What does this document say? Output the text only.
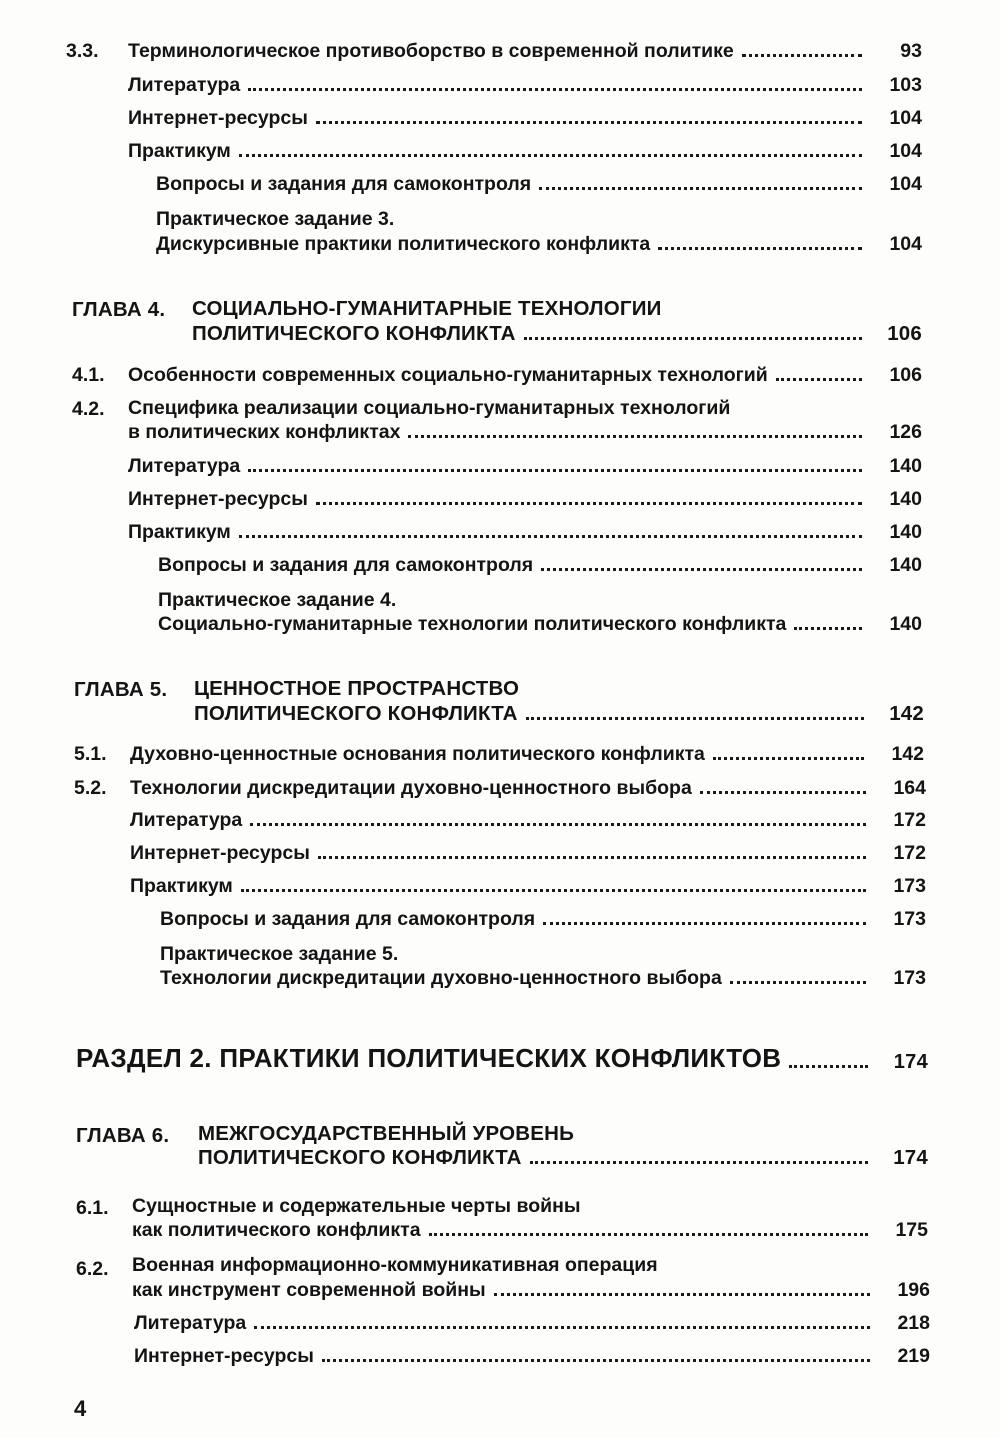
3.3. Терминологическое противоборство в современной политике	93
Литература	103
Интернет-ресурсы	104
Практикум	104
Вопросы и задания для самоконтроля	104
Практическое задание 3.
Дискурсивные практики политического конфликта	104
ГЛАВА 4. СОЦИАЛЬНО-ГУМАНИТАРНЫЕ ТЕХНОЛОГИИ
ПОЛИТИЧЕСКОГО КОНФЛИКТА	106
4.1. Особенности современных социально-гуманитарных технологий	106
4.2. Специфика реализации социально-гуманитарных технологий
в политических конфликтах	126
Литература	140
Интернет-ресурсы	140
Практикум	140
Вопросы и задания для самоконтроля	140
Практическое задание 4.
Социально-гуманитарные технологии политического конфликта	140
ГЛАВА 5. ЦЕННОСТНОЕ ПРОСТРАНСТВО
ПОЛИТИЧЕСКОГО КОНФЛИКТА	142
5.1. Духовно-ценностные основания политического конфликта	142
5.2. Технологии дискредитации духовно-ценностного выбора	164
Литература	172
Интернет-ресурсы	172
Практикум	173
Вопросы и задания для самоконтроля	173
Практическое задание 5.
Технологии дискредитации духовно-ценностного выбора	173
РАЗДЕЛ 2. ПРАКТИКИ ПОЛИТИЧЕСКИХ КОНФЛИКТОВ	174
ГЛАВА 6. МЕЖГОСУДАРСТВЕННЫЙ УРОВЕНЬ
ПОЛИТИЧЕСКОГО КОНФЛИКТА	174
6.1. Сущностные и содержательные черты войны
как политического конфликта	175
6.2. Военная информационно-коммуникативная операция
как инструмент современной войны	196
Литература	218
Интернет-ресурсы	219
4
